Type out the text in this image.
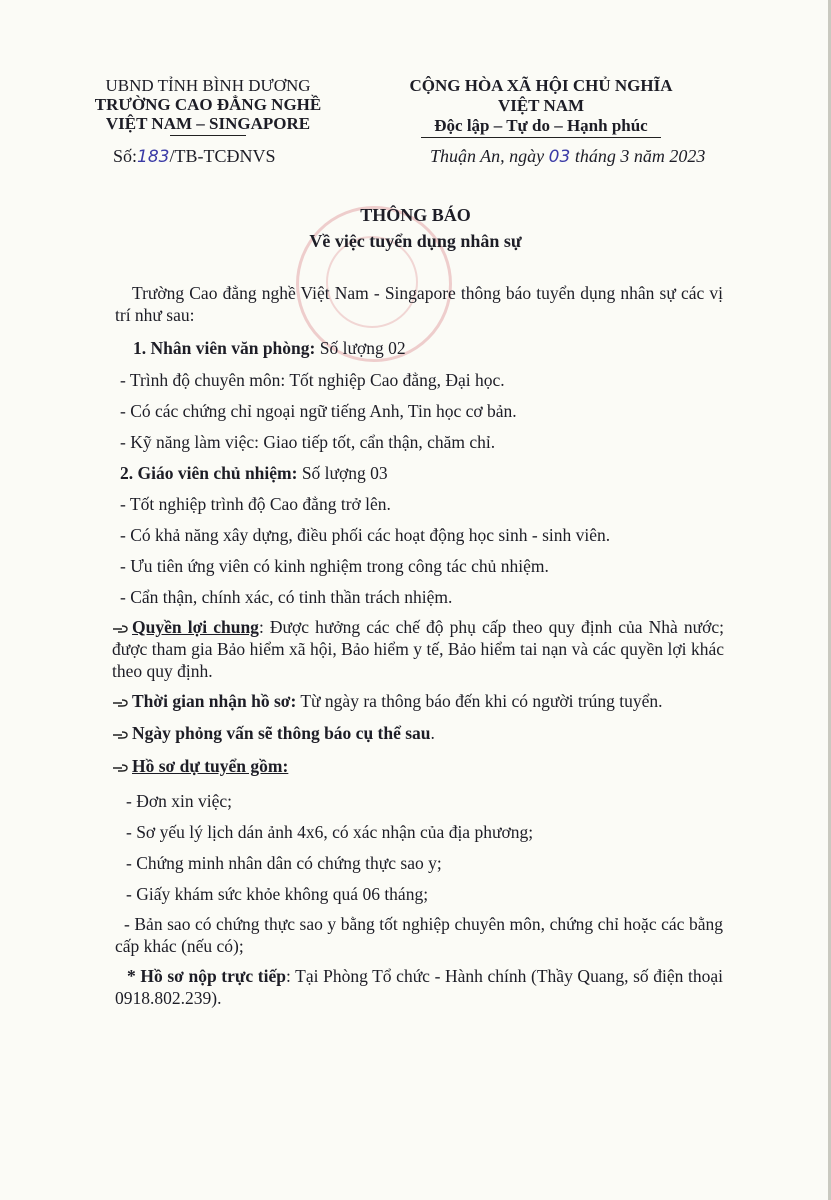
UBND TỈNH BÌNH DƯƠNG
TRƯỜNG CAO ĐẲNG NGHỀ
VIỆT NAM – SINGAPORE
CỘNG HÒA XÃ HỘI CHỦ NGHĨA VIỆT NAM
Độc lập – Tự do – Hạnh phúc
Số:183/TB-TCĐNVS	Thuận An, ngày 03 tháng 3 năm 2023
THÔNG BÁO
Về việc tuyển dụng nhân sự
Trường Cao đẳng nghề Việt Nam - Singapore thông báo tuyển dụng nhân sự các vị trí như sau:
1. Nhân viên văn phòng: Số lượng 02
- Trình độ chuyên môn: Tốt nghiệp Cao đẳng, Đại học.
- Có các chứng chỉ ngoại ngữ tiếng Anh, Tin học cơ bản.
- Kỹ năng làm việc: Giao tiếp tốt, cẩn thận, chăm chỉ.
2. Giáo viên chủ nhiệm: Số lượng 03
- Tốt nghiệp trình độ Cao đẳng trở lên.
- Có khả năng xây dựng, điều phối các hoạt động học sinh - sinh viên.
- Ưu tiên ứng viên có kinh nghiệm trong công tác chủ nhiệm.
- Cẩn thận, chính xác, có tinh thần trách nhiệm.
Quyền lợi chung: Được hưởng các chế độ phụ cấp theo quy định của Nhà nước; được tham gia Bảo hiểm xã hội, Bảo hiểm y tế, Bảo hiểm tai nạn và các quyền lợi khác theo quy định.
Thời gian nhận hồ sơ: Từ ngày ra thông báo đến khi có người trúng tuyển.
Ngày phỏng vấn sẽ thông báo cụ thể sau.
Hồ sơ dự tuyển gồm:
- Đơn xin việc;
- Sơ yếu lý lịch dán ảnh 4x6, có xác nhận của địa phương;
- Chứng minh nhân dân có chứng thực sao y;
- Giấy khám sức khỏe không quá 06 tháng;
- Bản sao có chứng thực sao y bằng tốt nghiệp chuyên môn, chứng chỉ hoặc các bằng cấp khác (nếu có);
* Hồ sơ nộp trực tiếp: Tại Phòng Tổ chức - Hành chính (Thầy Quang, số điện thoại 0918.802.239).
